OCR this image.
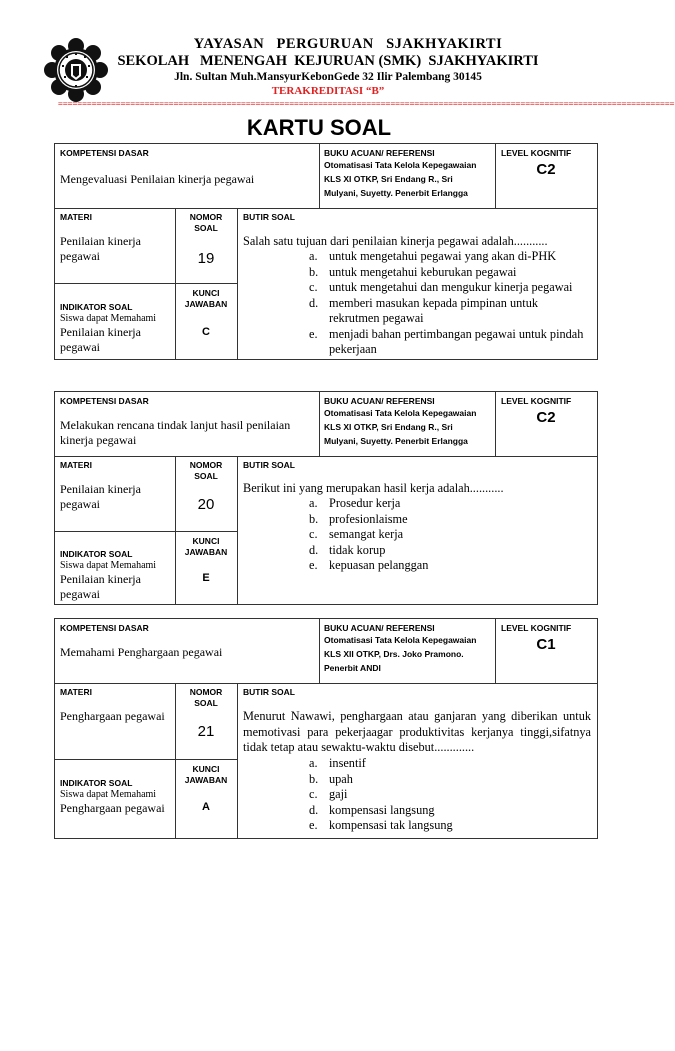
YAYASAN   PERGURUAN   SJAKHYAKIRTI
SEKOLAH   MENENGAH  KEJURUAN (SMK)  SJAKHYAKIRTI
Jln. Sultan Muh.MansyurKebonGede 32 Ilir Palembang 30145
TERAKREDITASI “B”
================================================================================================================================
KARTU SOAL
KOMPETENSI DASAR
Mengevaluasi Penilaian kinerja pegawai
BUKU ACUAN/ REFERENSI
Otomatisasi Tata Kelola Kepegawaian
KLS XI OTKP, Sri Endang R., Sri
Mulyani, Suyetty. Penerbit Erlangga
LEVEL KOGNITIF
C2
MATERI
Penilaian kinerja
pegawai
INDIKATOR SOAL
Siswa dapat Memahami
Penilaian kinerja
pegawai
NOMOR
SOAL
19
KUNCI
JAWABAN
C
BUTIR SOAL
Salah satu tujuan dari penilaian kinerja pegawai adalah...........
a. untuk mengetahui pegawai yang akan di-PHK
b. untuk mengetahui keburukan pegawai
c. untuk mengetahui dan mengukur kinerja pegawai
d. memberi masukan kepada pimpinan untuk rekrutmen pegawai
e. menjadi bahan pertimbangan pegawai untuk pindah pekerjaan
KOMPETENSI DASAR
Melakukan rencana tindak lanjut hasil penilaian kinerja pegawai
BUKU ACUAN/ REFERENSI
Otomatisasi Tata Kelola Kepegawaian
KLS XI OTKP, Sri Endang R., Sri
Mulyani, Suyetty. Penerbit Erlangga
LEVEL KOGNITIF
C2
MATERI
Penilaian kinerja
pegawai
INDIKATOR SOAL
Siswa dapat Memahami
Penilaian kinerja
pegawai
NOMOR
SOAL
20
KUNCI
JAWABAN
E
BUTIR SOAL
Berikut ini yang merupakan hasil kerja adalah...........
a. Prosedur kerja
b. profesionlaisme
c. semangat kerja
d. tidak korup
e. kepuasan pelanggan
KOMPETENSI DASAR
Memahami Penghargaan pegawai
BUKU ACUAN/ REFERENSI
Otomatisasi Tata Kelola Kepegawaian
KLS XII OTKP, Drs. Joko Pramono.
Penerbit ANDI
LEVEL KOGNITIF
C1
MATERI
Penghargaan pegawai
INDIKATOR SOAL
Siswa dapat Memahami
Penghargaan pegawai
NOMOR
SOAL
21
KUNCI
JAWABAN
A
BUTIR SOAL
Menurut Nawawi, penghargaan atau ganjaran yang diberikan untuk memotivasi para pekerjaagar produktivitas kerjanya tinggi,sifatnya tidak tetap atau sewaktu-waktu disebut.............
a. insentif
b. upah
c. gaji
d. kompensasi langsung
e. kompensasi tak langsung
